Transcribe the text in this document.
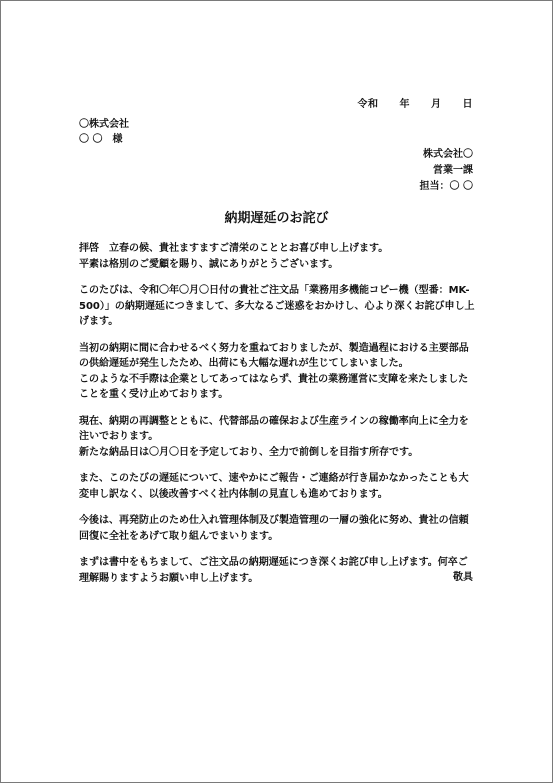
令和　　年　　月　　日
〇株式会社
〇 〇　様
株式会社〇
営業一課
担当：〇 〇
納期遅延のお詫び

拝啓　立春の候、貴社ますますご清栄のこととお喜び申し上げます。
平素は格別のご愛顧を賜り、誠にありがとうございます。

このたびは、令和〇年〇月〇日付の貴社ご注文品「業務用多機能コピー機（型番：MK-500）」の納期遅延につきまして、多大なるご迷惑をおかけし、心より深くお詫び申し上げます。

当初の納期に間に合わせるべく努力を重ねておりましたが、製造過程における主要部品の供給遅延が発生したため、出荷にも大幅な遅れが生じてしまいました。
このような不手際は企業としてあってはならず、貴社の業務運営に支障を来たしましたことを重く受け止めております。

現在、納期の再調整とともに、代替部品の確保および生産ラインの稼働率向上に全力を注いでおります。
新たな納品日は〇月〇日を予定しており、全力で前倒しを目指す所存です。

また、このたびの遅延について、速やかにご報告・ご連絡が行き届かなかったことも大変申し訳なく、以後改善すべく社内体制の見直しも進めております。

今後は、再発防止のため仕入れ管理体制及び製造管理の一層の強化に努め、貴社の信頼回復に全社をあげて取り組んでまいります。

まずは書中をもちまして、ご注文品の納期遅延につき深くお詫び申し上げます。何卒ご理解賜りますようお願い申し上げます。	敬具
